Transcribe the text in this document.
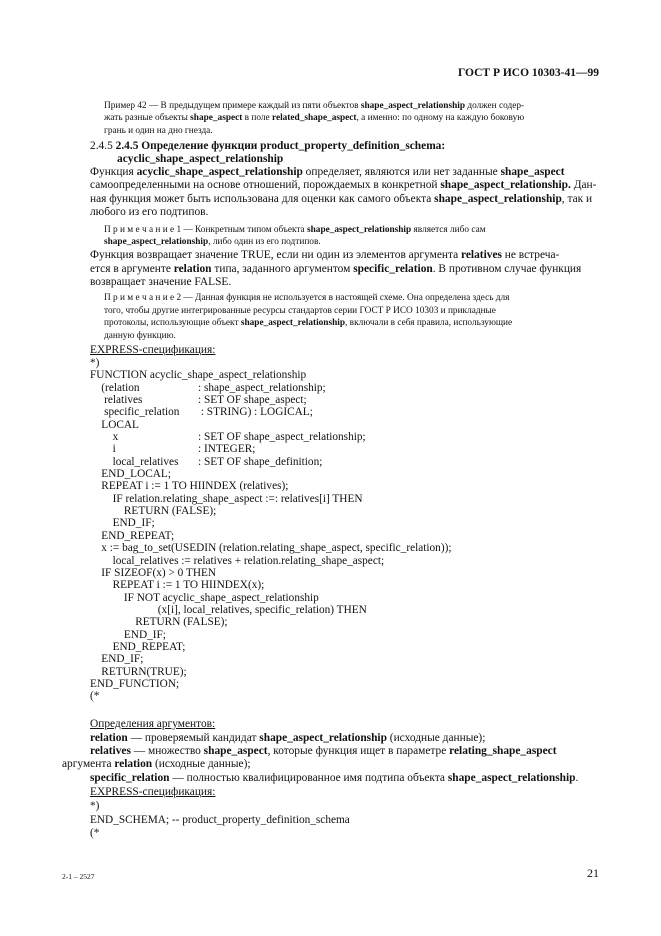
ГОСТ Р ИСО 10303-41—99
Пример 42 — В предыдущем примере каждый из пяти объектов shape_aspect_relationship должен содер-
жать разные объекты shape_aspect в поле related_shape_aspect, а именно: по одному на каждую боковую
грань и один на дно гнезда.
2.4.5 2.4.5 Определение функции product_property_definition_schema:
acyclic_shape_aspect_relationship
Функция acyclic_shape_aspect_relationship определяет, являются или нет заданные shape_aspect
самоопределенными на основе отношений, порождаемых в конкретной shape_aspect_relationship. Дан-
ная функция может быть использована для оценки как самого объекта shape_aspect_relationship, так и
любого из его подтипов.
П р и м е ч а н и е 1 — Конкретным типом объекта shape_aspect_relationship является либо сам
shape_aspect_relationship, либо один из его подтипов.
Функция возвращает значение TRUE, если ни один из элементов аргумента relatives не встреча-
ется в аргументе relation типа, заданного аргументом specific_relation. В противном случае функция
возвращает значение FALSE.
П р и м е ч а н и е 2 — Данная функция не используется в настоящей схеме. Она определена здесь для
того, чтобы другие интегрированные ресурсы стандартов серии ГОСТ Р ИСО 10303 и прикладные
протоколы, использующие объект shape_aspect_relationship, включали в себя правила, использующие
данную функцию.
EXPRESS-спецификация:
*)
FUNCTION acyclic_shape_aspect_relationship
(relation	: shape_aspect_relationship;
relatives	: SET OF shape_aspect;
specific_relation : STRING) : LOGICAL;
LOCAL
x	: SET OF shape_aspect_relationship;
i	: INTEGER;
local_relatives : SET OF shape_definition;
END_LOCAL;
REPEAT i := 1 TO HIINDEX (relatives);
IF relation.relating_shape_aspect :=: relatives[i] THEN
RETURN (FALSE);
END_IF;
END_REPEAT;
x := bag_to_set(USEDIN (relation.relating_shape_aspect, specific_relation));
local_relatives := relatives + relation.relating_shape_aspect;
IF SIZEOF(x) > 0 THEN
REPEAT i := 1 TO HIINDEX(x);
IF NOT acyclic_shape_aspect_relationship
(x[i], local_relatives, specific_relation) THEN
RETURN (FALSE);
END_IF;
END_REPEAT;
END_IF;
RETURN(TRUE);
END_FUNCTION;
(*
Определения аргументов:
relation — проверяемый кандидат shape_aspect_relationship (исходные данные);
relatives — множество shape_aspect, которые функция ищет в параметре relating_shape_aspect
аргумента relation (исходные данные);
specific_relation — полностью квалифицированное имя подтипа объекта shape_aspect_relationship.
EXPRESS-спецификация:
*)
END_SCHEMA; -- product_property_definition_schema
(*
2-1 – 2527	21
